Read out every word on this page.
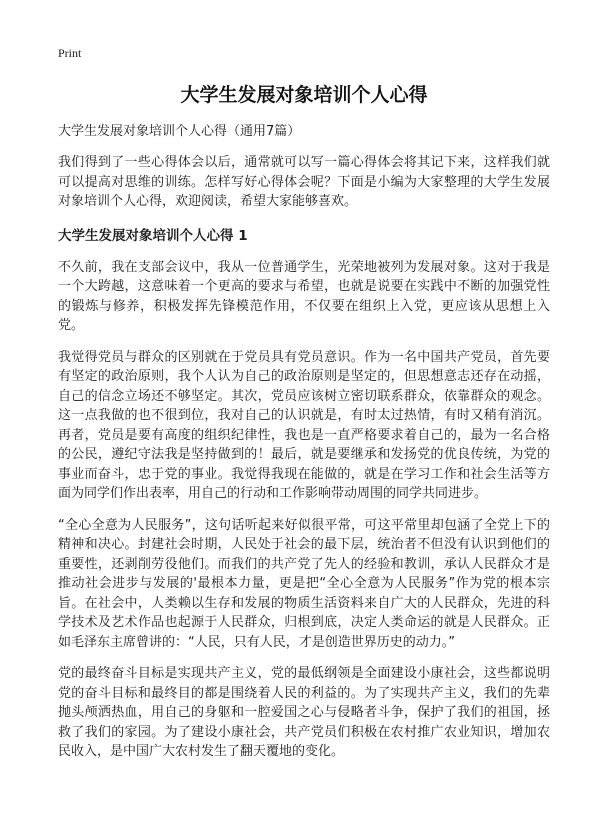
Print
大学生发展对象培训个人心得

大学生发展对象培训个人心得（通用7篇）

我们得到了一些心得体会以后，通常就可以写一篇心得体会将其记下来，这样我们就可以提高对思维的训练。怎样写好心得体会呢？下面是小编为大家整理的大学生发展对象培训个人心得，欢迎阅读，希望大家能够喜欢。

大学生发展对象培训个人心得 1

不久前，我在支部会议中，我从一位普通学生，光荣地被列为发展对象。这对于我是一个大跨越，这意味着一个更高的要求与希望，也就是说要在实践中不断的加强党性的锻炼与修养，积极发挥先锋模范作用，不仅要在组织上入党，更应该从思想上入党。

我觉得党员与群众的区别就在于党员具有党员意识。作为一名中国共产党员，首先要有坚定的政治原则，我个人认为自己的政治原则是坚定的，但思想意志还存在动摇，自己的信念立场还不够坚定。其次，党员应该树立密切联系群众，依靠群众的观念。这一点我做的也不很到位，我对自己的认识就是，有时太过热情，有时又稍有消沉。再者，党员是要有高度的组织纪律性，我也是一直严格要求着自己的，最为一名合格的公民，遵纪守法我是坚持做到的！最后，就是要继承和发扬党的优良传统，为党的事业而奋斗，忠于党的事业。我觉得我现在能做的，就是在学习工作和社会生活等方面为同学们作出表率，用自己的行动和工作影响带动周围的同学共同进步。

“全心全意为人民服务”，这句话听起来好似很平常，可这平常里却包涵了全党上下的精神和决心。封建社会时期，人民处于社会的最下层，统治者不但没有认识到他们的重要性，还剥削劳役他们。而我们的共产党了先人的经验和教训，承认人民群众才是推动社会进步与发展的'最根本力量，更是把“全心全意为人民服务”作为党的根本宗旨。在社会中，人类赖以生存和发展的物质生活资料来自广大的人民群众，先进的科学技术及艺术作品也起源于人民群众，归根到底，决定人类命运的就是人民群众。正如毛泽东主席曾讲的：“人民，只有人民，才是创造世界历史的动力。”

党的最终奋斗目标是实现共产主义，党的最低纲领是全面建设小康社会，这些都说明党的奋斗目标和最终目的都是围绕着人民的利益的。为了实现共产主义，我们的先辈抛头颅洒热血，用自己的身躯和一腔爱国之心与侵略者斗争，保护了我们的祖国，拯救了我们的家园。为了建设小康社会，共产党员们积极在农村推广农业知识，增加农民收入，是中国广大农村发生了翻天覆地的变化。
